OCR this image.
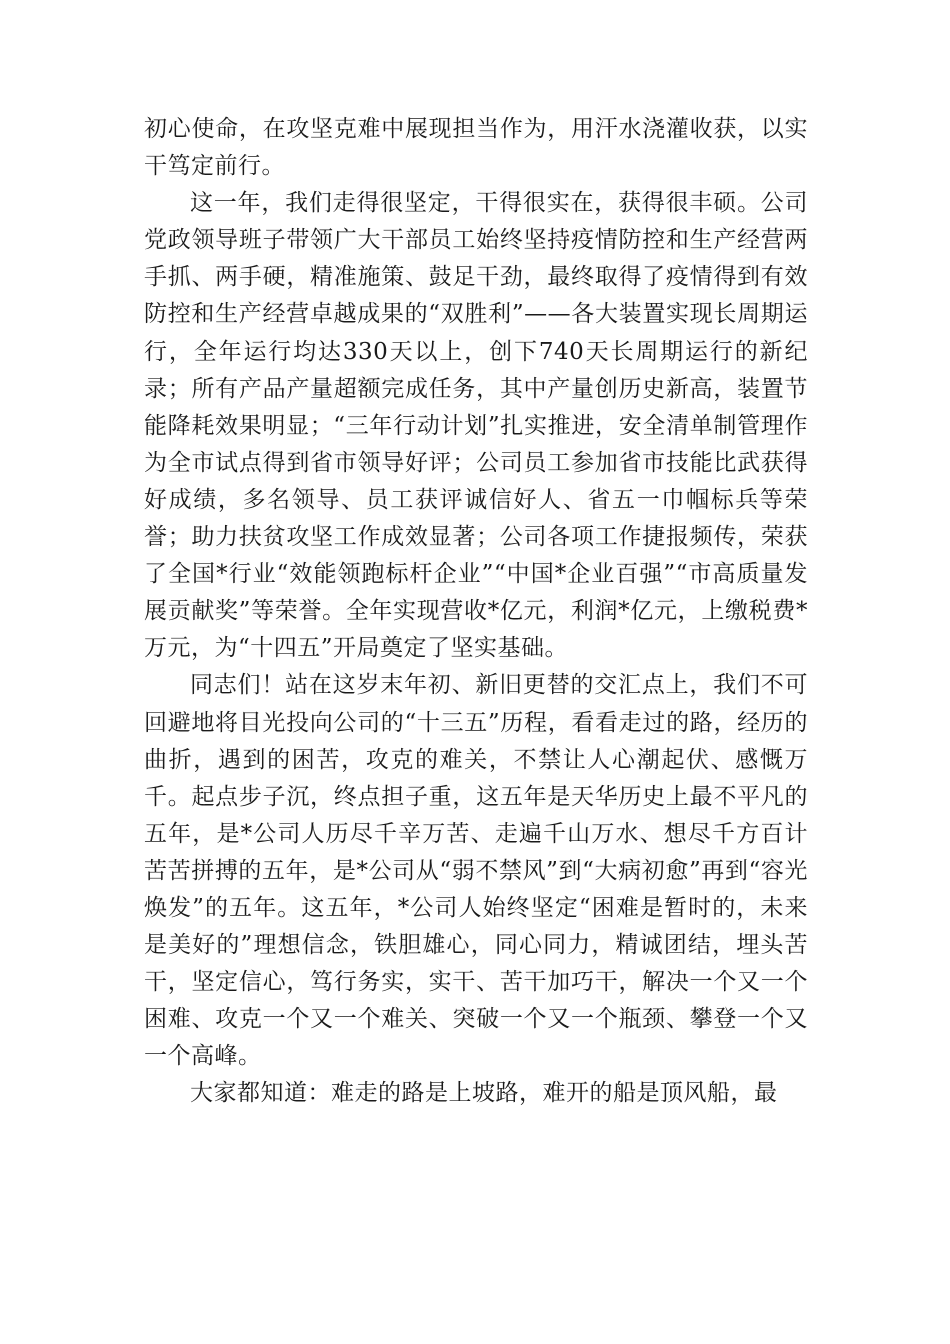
初心使命，在攻坚克难中展现担当作为，用汗水浇灌收获，以实干笃定前行。

这一年，我们走得很坚定，干得很实在，获得很丰硕。公司党政领导班子带领广大干部员工始终坚持疫情防控和生产经营两手抓、两手硬，精准施策、鼓足干劲，最终取得了疫情得到有效防控和生产经营卓越成果的“双胜利”——各大装置实现长周期运行，全年运行均达330天以上，创下740天长周期运行的新纪录；所有产品产量超额完成任务，其中产量创历史新高，装置节能降耗效果明显；“三年行动计划”扎实推进，安全清单制管理作为全市试点得到省市领导好评；公司员工参加省市技能比武获得好成绩，多名领导、员工获评诚信好人、省五一巾帼标兵等荣誉；助力扶贫攻坚工作成效显著；公司各项工作捷报频传，荣获了全国*行业“效能领跑标杆企业”“中国*企业百强”“市高质量发展贡献奖”等荣誉。全年实现营收*亿元，利润*亿元，上缴税费*万元，为“十四五”开局奠定了坚实基础。

同志们！站在这岁末年初、新旧更替的交汇点上，我们不可回避地将目光投向公司的“十三五”历程，看看走过的路，经历的曲折，遇到的困苦，攻克的难关，不禁让人心潮起伏、感慨万千。起点步子沉，终点担子重，这五年是天华历史上最不平凡的五年，是*公司人历尽千辛万苦、走遍千山万水、想尽千方百计苦苦拼搏的五年，是*公司从“弱不禁风”到“大病初愈”再到“容光焕发”的五年。这五年，*公司人始终坚定“困难是暂时的，未来是美好的”理想信念，铁胆雄心，同心同力，精诚团结，埋头苦干，坚定信心，笃行务实，实干、苦干加巧干，解决一个又一个困难、攻克一个又一个难关、突破一个又一个瓶颈、攀登一个又一个高峰。

大家都知道：难走的路是上坡路，难开的船是顶风船，最
